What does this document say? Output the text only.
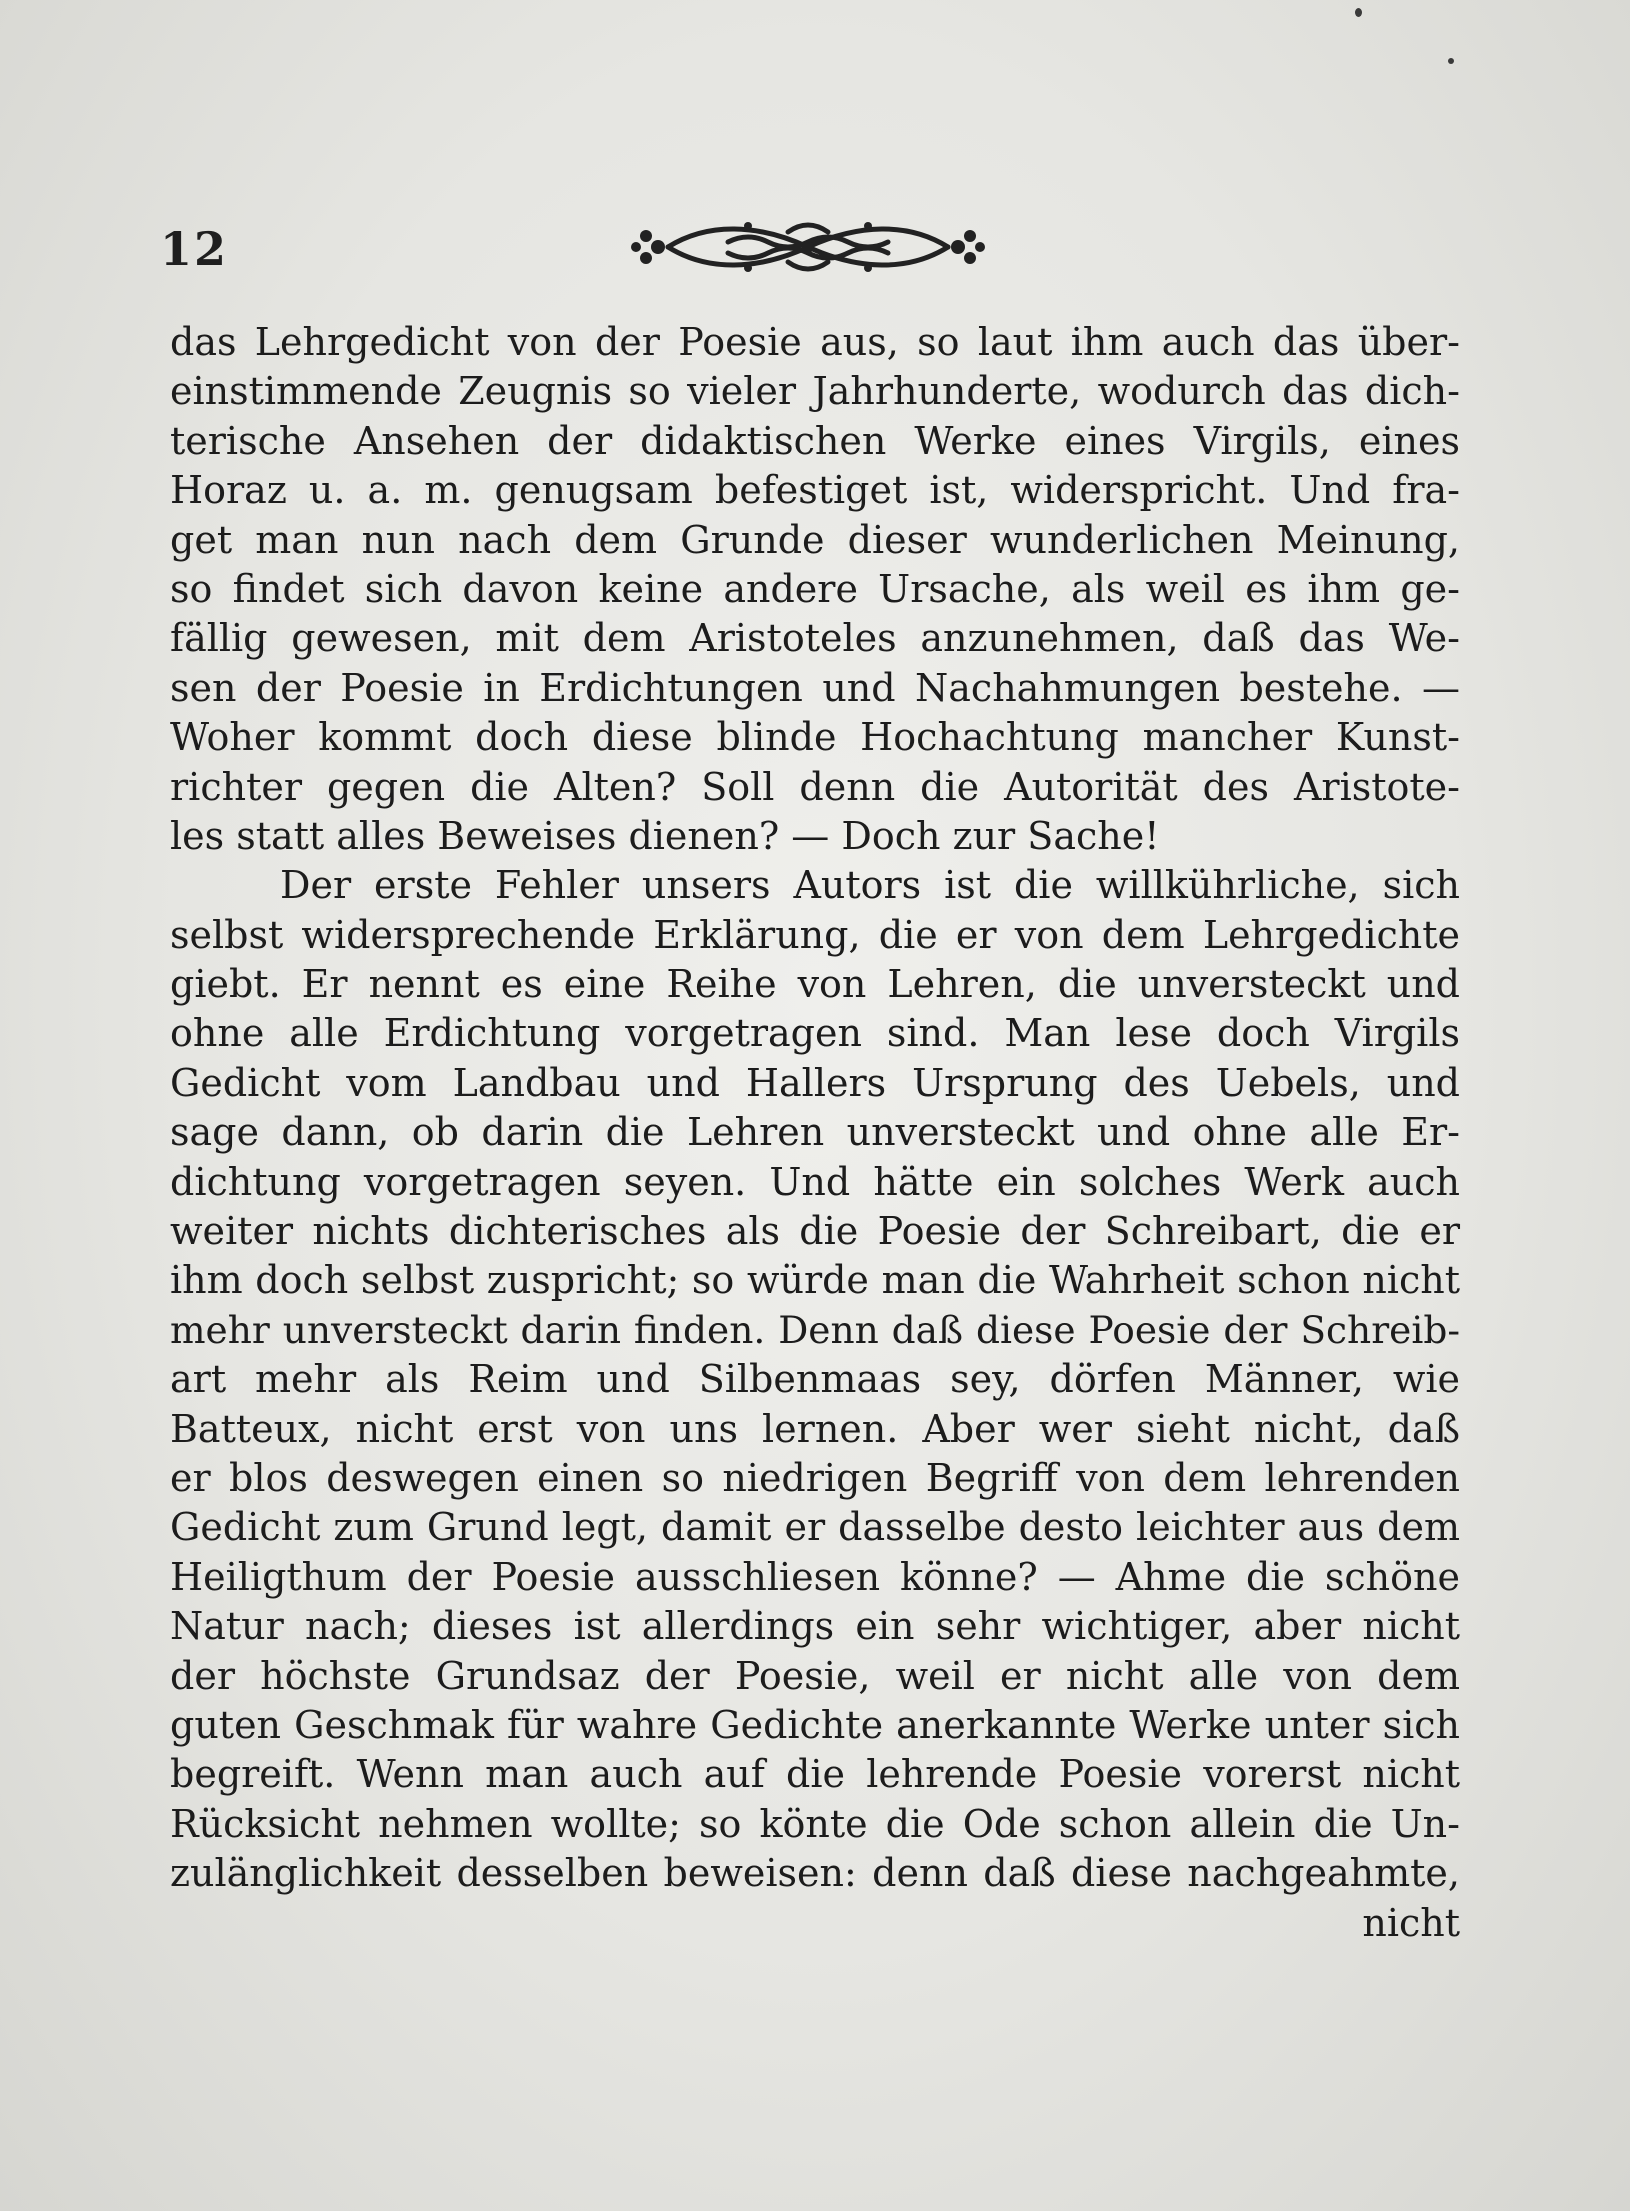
12
das Lehrgedicht von der Poesie aus, so laut ihm auch das über-
einstimmende Zeugnis so vieler Jahrhunderte, wodurch das dich-
terische Ansehen der didaktischen Werke eines Virgils, eines
Horaz u. a. m. genugsam befestiget ist, widerspricht. Und fra-
get man nun nach dem Grunde dieser wunderlichen Meinung,
so findet sich davon keine andere Ursache, als weil es ihm ge-
fällig gewesen, mit dem Aristoteles anzunehmen, daß das We-
sen der Poesie in Erdichtungen und Nachahmungen bestehe. —
Woher kommt doch diese blinde Hochachtung mancher Kunst-
richter gegen die Alten? Soll denn die Autorität des Aristote-
les statt alles Beweises dienen? — Doch zur Sache!
Der erste Fehler unsers Autors ist die willkührliche, sich
selbst widersprechende Erklärung, die er von dem Lehrgedichte
giebt. Er nennt es eine Reihe von Lehren, die unversteckt und
ohne alle Erdichtung vorgetragen sind. Man lese doch Virgils
Gedicht vom Landbau und Hallers Ursprung des Uebels, und
sage dann, ob darin die Lehren unversteckt und ohne alle Er-
dichtung vorgetragen seyen. Und hätte ein solches Werk auch
weiter nichts dichterisches als die Poesie der Schreibart, die er
ihm doch selbst zuspricht; so würde man die Wahrheit schon nicht
mehr unversteckt darin finden. Denn daß diese Poesie der Schreib-
art mehr als Reim und Silbenmaas sey, dörfen Männer, wie
Batteux, nicht erst von uns lernen. Aber wer sieht nicht, daß
er blos deswegen einen so niedrigen Begriff von dem lehrenden
Gedicht zum Grund legt, damit er dasselbe desto leichter aus dem
Heiligthum der Poesie ausschliesen könne? — Ahme die schöne
Natur nach; dieses ist allerdings ein sehr wichtiger, aber nicht
der höchste Grundsaz der Poesie, weil er nicht alle von dem
guten Geschmak für wahre Gedichte anerkannte Werke unter sich
begreift. Wenn man auch auf die lehrende Poesie vorerst nicht
Rücksicht nehmen wollte; so könte die Ode schon allein die Un-
zulänglichkeit desselben beweisen: denn daß diese nachgeahmte,
nicht
